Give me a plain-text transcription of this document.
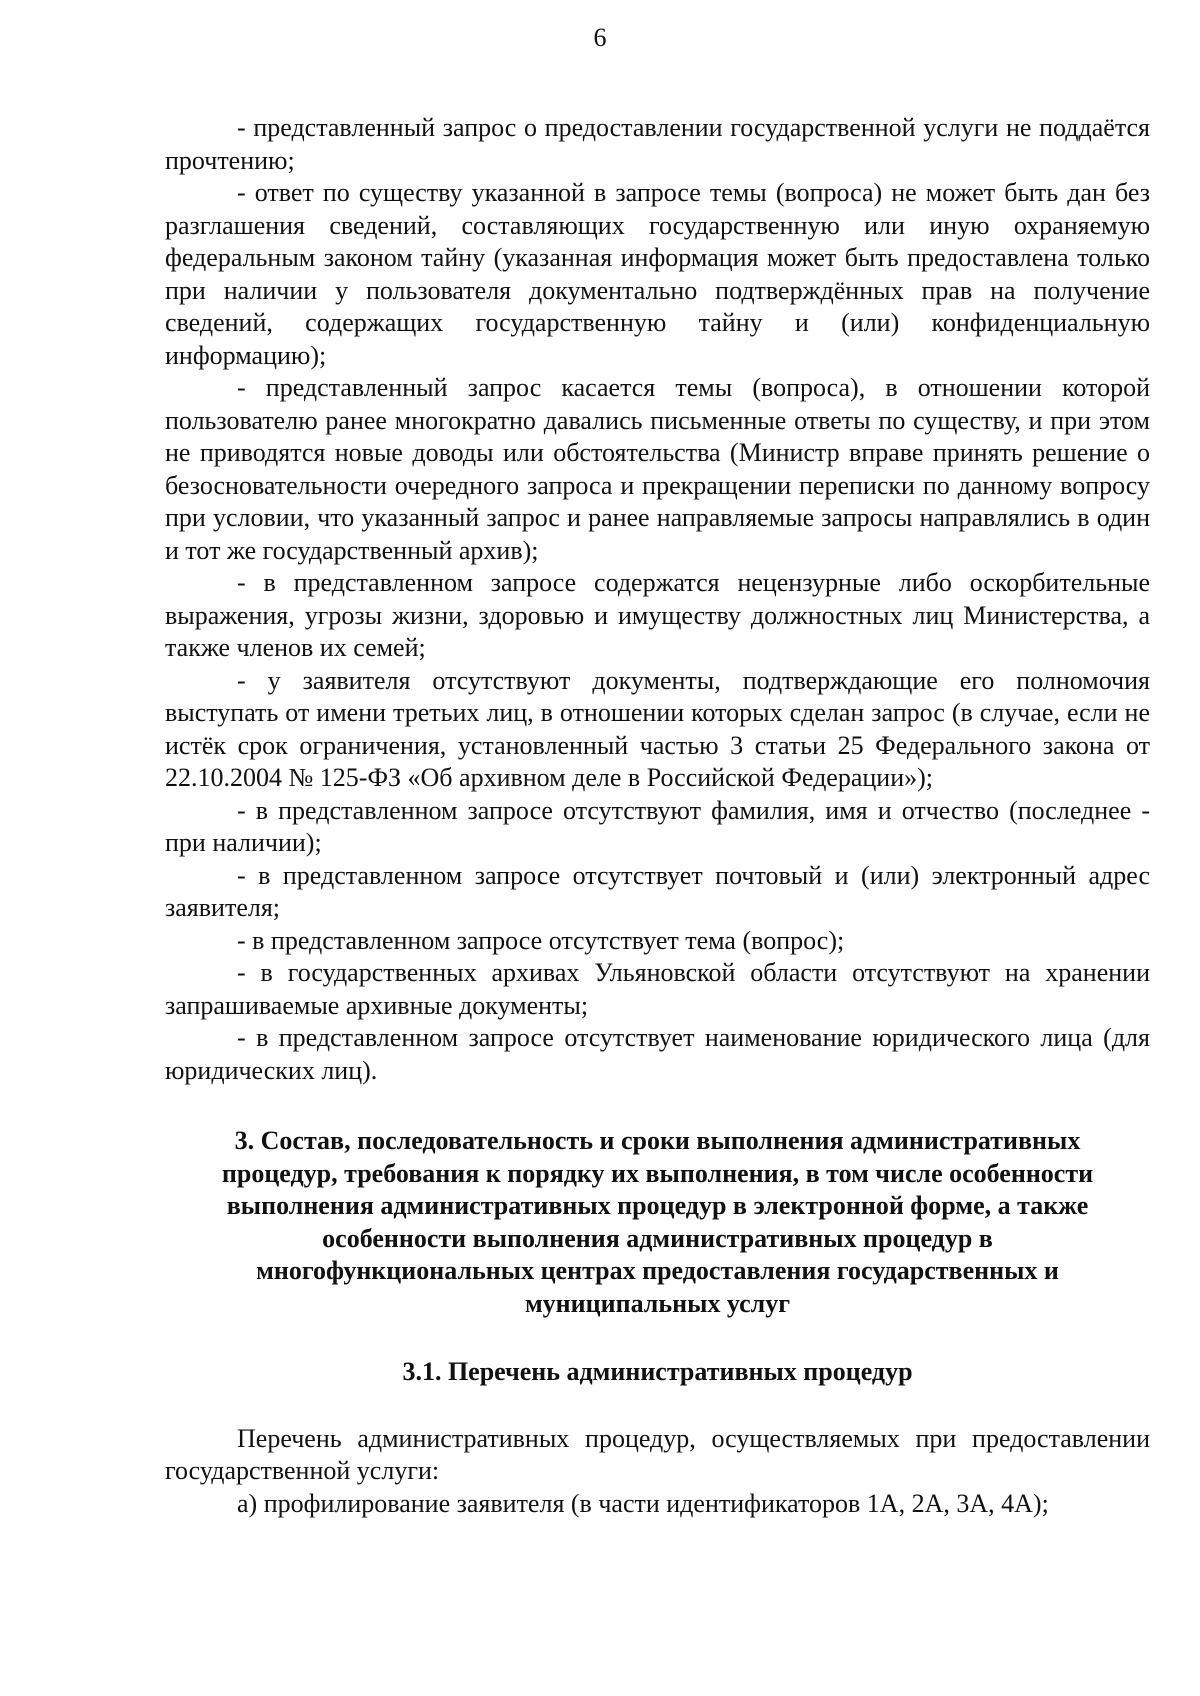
6

- представленный запрос о предоставлении государственной услуги не поддаётся прочтению;

- ответ по существу указанной в запросе темы (вопроса) не может быть дан без разглашения сведений, составляющих государственную или иную охраняемую федеральным законом тайну (указанная информация может быть предоставлена только при наличии у пользователя документально подтверждённых прав на получение сведений, содержащих государственную тайну и (или) конфиденциальную информацию);

- представленный запрос касается темы (вопроса), в отношении которой пользователю ранее многократно давались письменные ответы по существу, и при этом не приводятся новые доводы или обстоятельства (Министр вправе принять решение о безосновательности очередного запроса и прекращении переписки по данному вопросу при условии, что указанный запрос и ранее направляемые запросы направлялись в один и тот же государственный архив);

- в представленном запросе содержатся нецензурные либо оскорбительные выражения, угрозы жизни, здоровью и имуществу должностных лиц Министерства, а также членов их семей;

- у заявителя отсутствуют документы, подтверждающие его полномочия выступать от имени третьих лиц, в отношении которых сделан запрос (в случае, если не истёк срок ограничения, установленный частью 3 статьи 25 Федерального закона от 22.10.2004 № 125-ФЗ «Об архивном деле в Российской Федерации»);

- в представленном запросе отсутствуют фамилия, имя и отчество (последнее - при наличии);

- в представленном запросе отсутствует почтовый и (или) электронный адрес заявителя;

- в представленном запросе отсутствует тема (вопрос);

- в государственных архивах Ульяновской области отсутствуют на хранении запрашиваемые архивные документы;

- в представленном запросе отсутствует наименование юридического лица (для юридических лиц).

3. Состав, последовательность и сроки выполнения административных процедур, требования к порядку их выполнения, в том числе особенности выполнения административных процедур в электронной форме, а также особенности выполнения административных процедур в многофункциональных центрах предоставления государственных и муниципальных услуг
3.1. Перечень административных процедур

Перечень административных процедур, осуществляемых при предоставлении государственной услуги:

а) профилирование заявителя (в части идентификаторов 1А, 2А, 3А, 4А);
